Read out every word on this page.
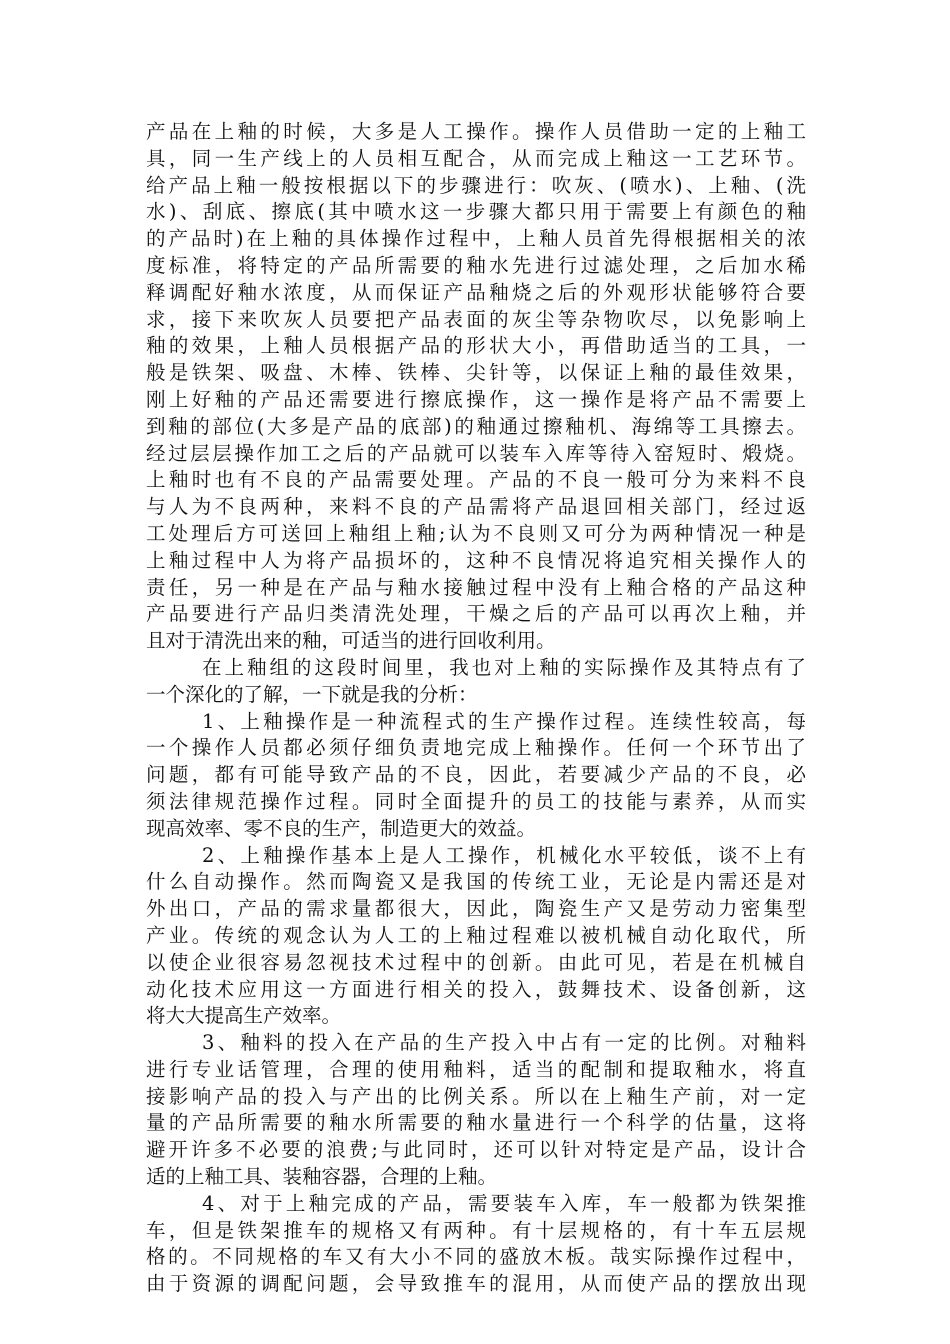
产品在上釉的时候，大多是人工操作。操作人员借助一定的上釉工
具，同一生产线上的人员相互配合，从而完成上釉这一工艺环节。
给产品上釉一般按根据以下的步骤进行：吹灰、(喷水)、上釉、(洗
水)、刮底、擦底(其中喷水这一步骤大都只用于需要上有颜色的釉
的产品时)在上釉的具体操作过程中，上釉人员首先得根据相关的浓
度标准，将特定的产品所需要的釉水先进行过滤处理，之后加水稀
释调配好釉水浓度，从而保证产品釉烧之后的外观形状能够符合要
求，接下来吹灰人员要把产品表面的灰尘等杂物吹尽，以免影响上
釉的效果，上釉人员根据产品的形状大小，再借助适当的工具，一
般是铁架、吸盘、木棒、铁棒、尖针等，以保证上釉的最佳效果，
刚上好釉的产品还需要进行擦底操作，这一操作是将产品不需要上
到釉的部位(大多是产品的底部)的釉通过擦釉机、海绵等工具擦去。
经过层层操作加工之后的产品就可以装车入库等待入窑短时、煅烧。
上釉时也有不良的产品需要处理。产品的不良一般可分为来料不良
与人为不良两种，来料不良的产品需将产品退回相关部门，经过返
工处理后方可送回上釉组上釉;认为不良则又可分为两种情况一种是
上釉过程中人为将产品损坏的，这种不良情况将追究相关操作人的
责任，另一种是在产品与釉水接触过程中没有上釉合格的产品这种
产品要进行产品归类清洗处理，干燥之后的产品可以再次上釉，并
且对于清洗出来的釉，可适当的进行回收利用。
在上釉组的这段时间里，我也对上釉的实际操作及其特点有了
一个深化的了解，一下就是我的分析：
1、上釉操作是一种流程式的生产操作过程。连续性较高，每
一个操作人员都必须仔细负责地完成上釉操作。任何一个环节出了
问题，都有可能导致产品的不良，因此，若要减少产品的不良，必
须法律规范操作过程。同时全面提升的员工的技能与素养，从而实
现高效率、零不良的生产，制造更大的效益。
2、上釉操作基本上是人工操作，机械化水平较低，谈不上有
什么自动操作。然而陶瓷又是我国的传统工业，无论是内需还是对
外出口，产品的需求量都很大，因此，陶瓷生产又是劳动力密集型
产业。传统的观念认为人工的上釉过程难以被机械自动化取代，所
以使企业很容易忽视技术过程中的创新。由此可见，若是在机械自
动化技术应用这一方面进行相关的投入，鼓舞技术、设备创新，这
将大大提高生产效率。
3、釉料的投入在产品的生产投入中占有一定的比例。对釉料
进行专业话管理，合理的使用釉料，适当的配制和提取釉水，将直
接影响产品的投入与产出的比例关系。所以在上釉生产前，对一定
量的产品所需要的釉水所需要的釉水量进行一个科学的估量，这将
避开许多不必要的浪费;与此同时，还可以针对特定是产品，设计合
适的上釉工具、装釉容器，合理的上釉。
4、对于上釉完成的产品，需要装车入库，车一般都为铁架推
车，但是铁架推车的规格又有两种。有十层规格的，有十车五层规
格的。不同规格的车又有大小不同的盛放木板。哉实际操作过程中，
由于资源的调配问题，会导致推车的混用，从而使产品的摆放出现
